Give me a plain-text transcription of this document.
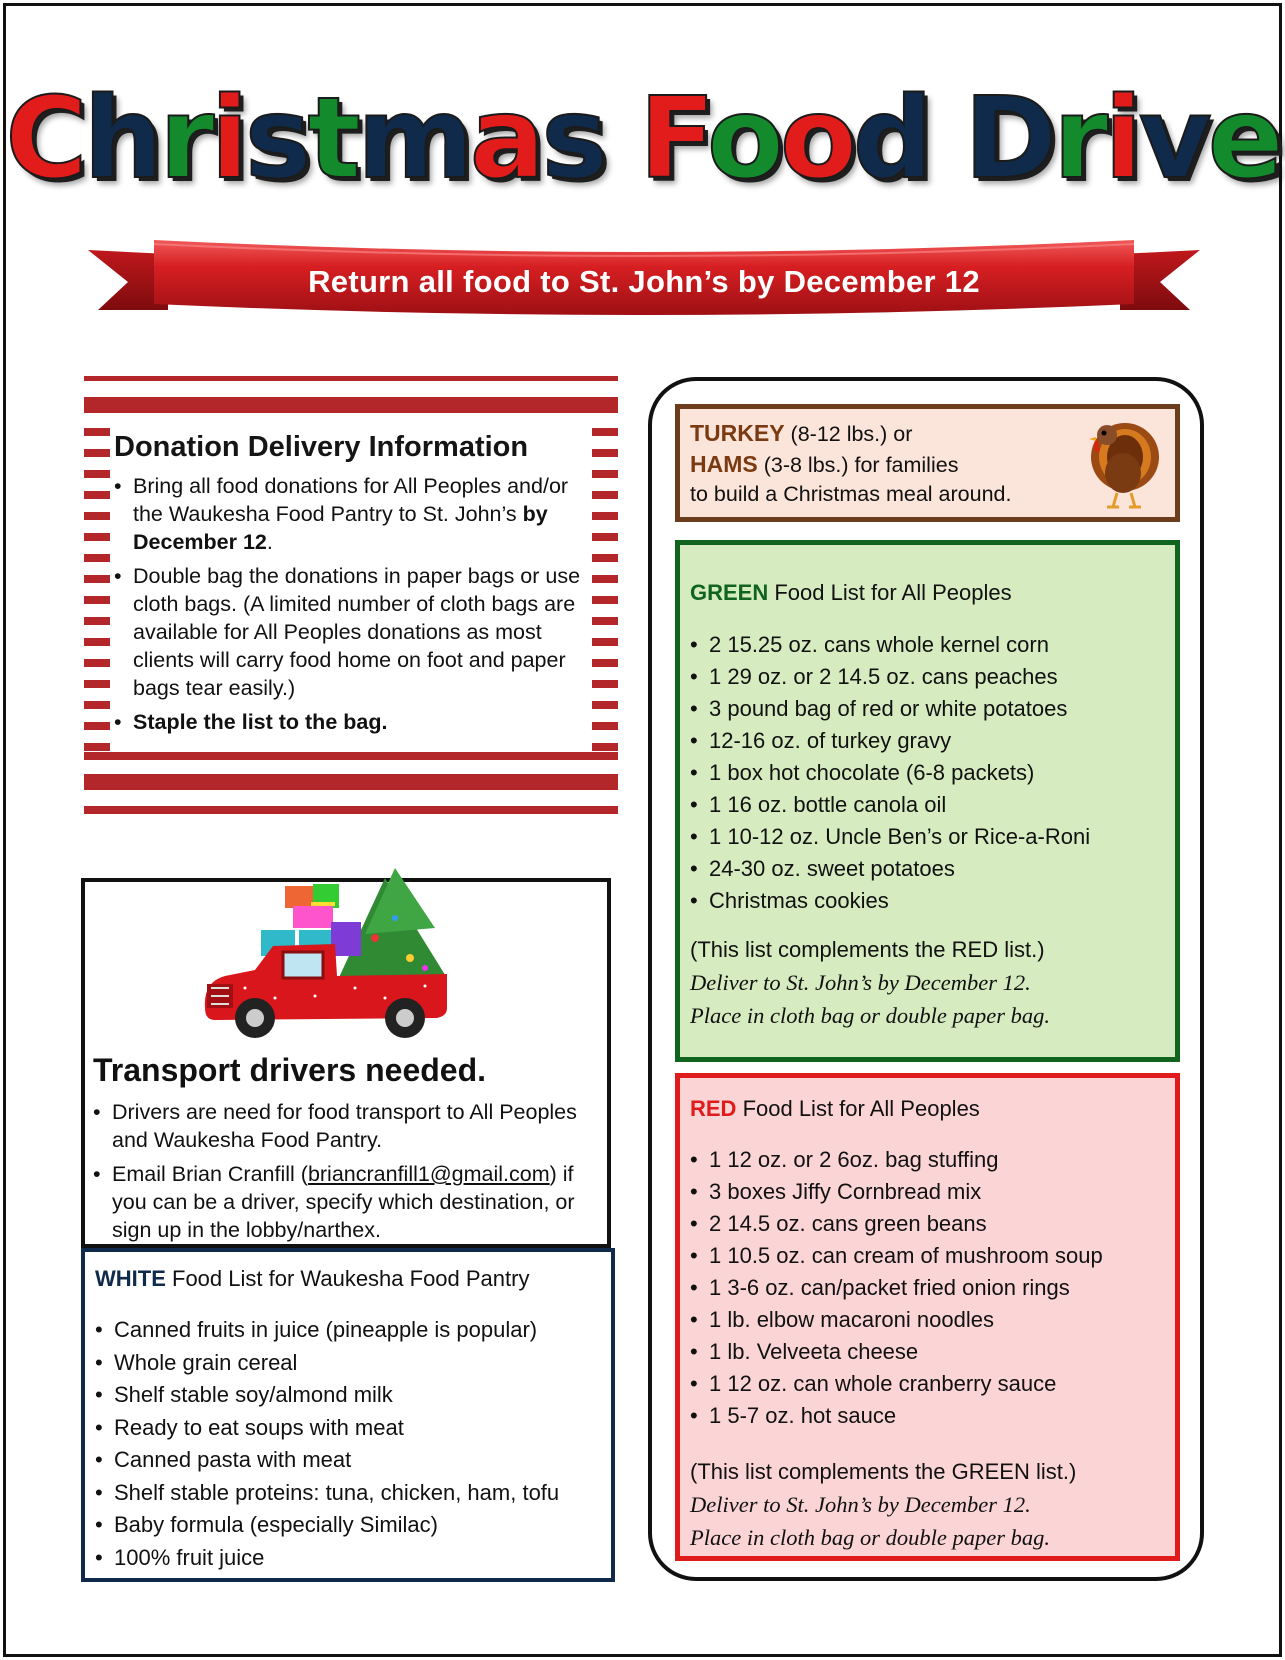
Christmas Food Drive
Return all food to St. John’s by December 12
Donation Delivery Information
• Bring all food donations for All Peoples and/or the Waukesha Food Pantry to St. John’s by December 12.
• Double bag the donations in paper bags or use cloth bags. (A limited number of cloth bags are available for All Peoples donations as most clients will carry food home on foot and paper bags tear easily.)
• Staple the list to the bag.
Transport drivers needed.
• Drivers are need for food transport to All Peoples and Waukesha Food Pantry.
• Email Brian Cranfill (briancranfill1@gmail.com) if you can be a driver, specify which destination, or sign up in the lobby/narthex.

WHITE Food List for Waukesha Food Pantry

• Canned fruits in juice (pineapple is popular)
• Whole grain cereal
• Shelf stable soy/almond milk
• Ready to eat soups with meat
• Canned pasta with meat
• Shelf stable proteins: tuna, chicken, ham, tofu
• Baby formula (especially Similac)
• 100% fruit juice
TURKEY (8-12 lbs.) or
HAMS (3-8 lbs.) for families
to build a Christmas meal around.

GREEN Food List for All Peoples

• 2 15.25 oz. cans whole kernel corn
• 1 29 oz. or 2 14.5 oz. cans peaches
• 3 pound bag of red or white potatoes
• 12-16 oz. of turkey gravy
• 1 box hot chocolate (6-8 packets)
• 1 16 oz. bottle canola oil
• 1 10-12 oz. Uncle Ben’s or Rice-a-Roni
• 24-30 oz. sweet potatoes
• Christmas cookies
(This list complements the RED list.)
Deliver to St. John’s by December 12.
Place in cloth bag or double paper bag.

RED Food List for All Peoples

• 1 12 oz. or 2 6oz. bag stuffing
• 3 boxes Jiffy Cornbread mix
• 2 14.5 oz. cans green beans
• 1 10.5 oz. can cream of mushroom soup
• 1 3-6 oz. can/packet fried onion rings
• 1 lb. elbow macaroni noodles
• 1 lb. Velveeta cheese
• 1 12 oz. can whole cranberry sauce
• 1 5-7 oz. hot sauce
(This list complements the GREEN list.)
Deliver to St. John’s by December 12.
Place in cloth bag or double paper bag.
